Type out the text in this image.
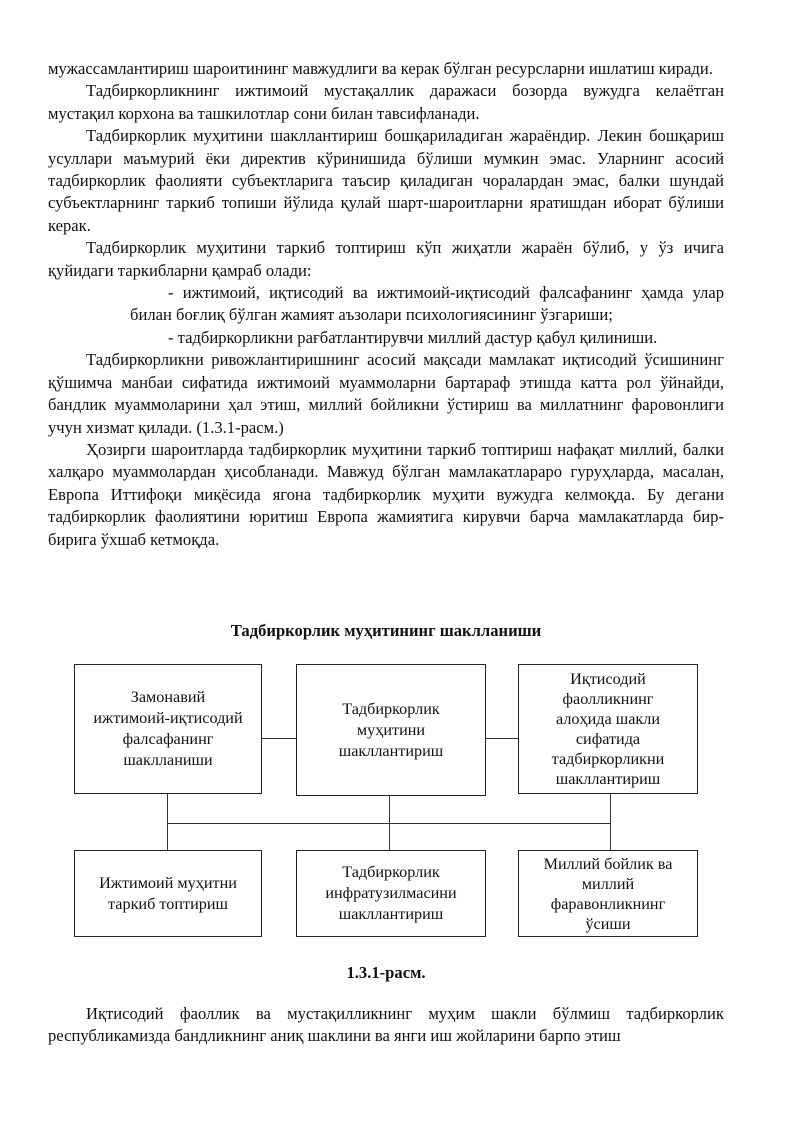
мужассамлантириш шароитининг мавжудлиги ва керак бўлган ресурсларни ишлатиш киради.

Тадбиркорликнинг ижтимоий мустақаллик даражаси бозорда вужудга келаётган мустақил корхона ва ташкилотлар сони билан тавсифланади.

Тадбиркорлик муҳитини шакллантириш бошқариладиган жараёндир. Лекин бошқариш усуллари маъмурий ёки директив кўринишида бўлиши мумкин эмас. Уларнинг асосий тадбиркорлик фаолияти субъектларига таъсир қиладиган чоралардан эмас, балки шундай субъектларнинг таркиб топиши йўлида қулай шарт-шароитларни яратишдан иборат бўлиши керак.

Тадбиркорлик муҳитини таркиб топтириш кўп жиҳатли жараён бўлиб, у ўз ичига қуйидаги таркибларни қамраб олади:

- ижтимоий, иқтисодий ва ижтимоий-иқтисодий фалсафанинг ҳамда улар билан боғлиқ бўлган жамият аъзолари психологиясининг ўзгариши;

- тадбиркорликни рағбатлантирувчи миллий дастур қабул қилиниши.

Тадбиркорликни ривожлантиришнинг асосий мақсади мамлакат иқтисодий ўсишининг қўшимча манбаи сифатида ижтимоий муаммоларни бартараф этишда катта рол ўйнайди, бандлик муаммоларини ҳал этиш, миллий бойликни ўстириш ва миллатнинг фаровонлиги учун хизмат қилади. (1.3.1-расм.)

Ҳозирги шароитларда тадбиркорлик муҳитини таркиб топтириш нафақат миллий, балки халқаро муаммолардан ҳисобланади. Мавжуд бўлган мамлакатлараро гуруҳларда, масалан, Европа Иттифоқи миқёсида ягона тадбиркорлик муҳити вужудга келмоқда. Бу дегани тадбиркорлик фаолиятини юритиш Европа жамиятига кирувчи барча мамлакатларда бир-бирига ўхшаб кетмоқда.

Тадбиркорлик муҳитининг шаклланиши
Замонавий
ижтимоий-иқтисодий
фалсафанинг
шаклланиши
Тадбиркорлик
муҳитини
шакллантириш
Иқтисодий
фаолликнинг
алоҳида шакли
сифатида
тадбиркорликни
шакллантириш
Ижтимоий муҳитни
таркиб топтириш
Тадбиркорлик
инфратузилмасини
шакллантириш
Миллий бойлик ва
миллий
фаравонликнинг
ўсиши
1.3.1-расм.

Иқтисодий фаоллик ва мустақилликнинг муҳим шакли бўлмиш тадбиркорлик республикамизда бандликнинг аниқ шаклини ва янги иш жойларини барпо этиш
